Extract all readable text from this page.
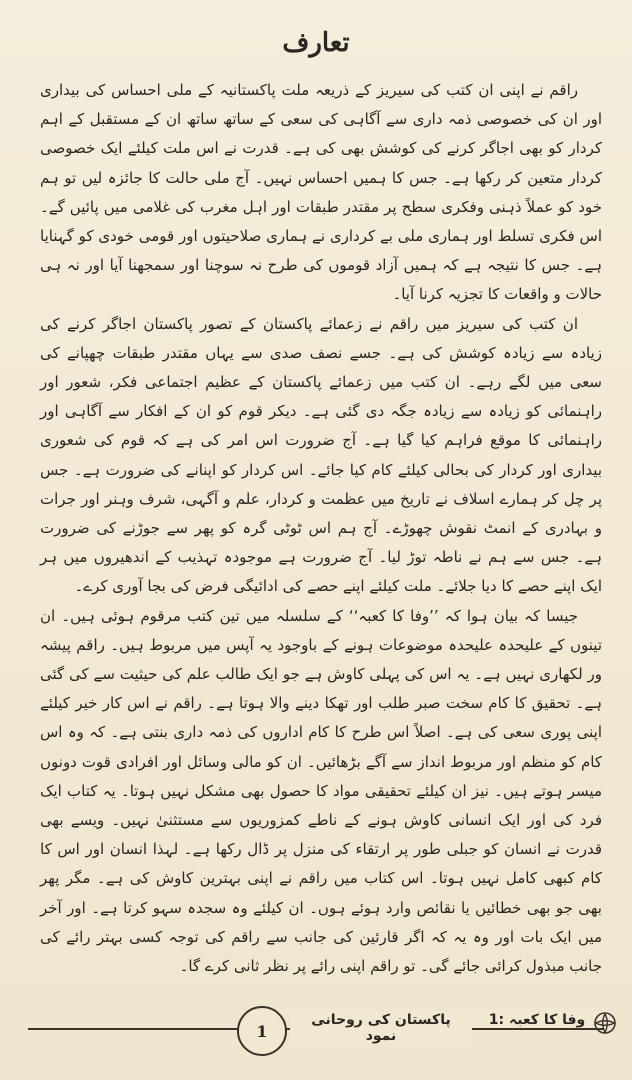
تعارف

راقم نے اپنی ان کتب کی سیریز کے ذریعہ ملت پاکستانیہ کے ملی احساس کی بیداری اور ان کی خصوصی ذمہ داری سے آگاہی کی سعی کے ساتھ ساتھ ان کے مستقبل کے اہم کردار کو بھی اجاگر کرنے کی کوشش بھی کی ہے۔ قدرت نے اس ملت کیلئے ایک خصوصی کردار متعین کر رکھا ہے۔ جس کا ہمیں احساس نہیں۔ آج ملی حالت کا جائزہ لیں تو ہم خود کو عملاً ذہنی وفکری سطح پر مقتدر طبقات اور اہل مغرب کی غلامی میں پائیں گے۔ اس فکری تسلط اور ہماری ملی بے کرداری نے ہماری صلاحیتوں اور قومی خودی کو گہنایا ہے۔ جس کا نتیجہ ہے کہ ہمیں آزاد قوموں کی طرح نہ سوچنا اور سمجھنا آیا اور نہ ہی حالات و واقعات کا تجزیہ کرنا آیا۔

ان کتب کی سیریز میں راقم نے زعمائے پاکستان کے تصور پاکستان اجاگر کرنے کی زیادہ سے زیادہ کوشش کی ہے۔ جسے نصف صدی سے یہاں مقتدر طبقات چھپانے کی سعی میں لگے رہے۔ ان کتب میں زعمائے پاکستان کے عظیم اجتماعی فکر، شعور اور راہنمائی کو زیادہ سے زیادہ جگہ دی گئی ہے۔ دیکر قوم کو ان کے افکار سے آگاہی اور راہنمائی کا موقع فراہم کیا گیا ہے۔ آج ضرورت اس امر کی ہے کہ قوم کی شعوری بیداری اور کردار کی بحالی کیلئے کام کیا جائے۔ اس کردار کو اپنانے کی ضرورت ہے۔ جس پر چل کر ہمارے اسلاف نے تاریخ میں عظمت و کردار، علم و آگہی، شرف وہنر اور جرات و بہادری کے انمٹ نقوش چھوڑے۔ آج ہم اس ٹوٹی گرہ کو پھر سے جوڑنے کی ضرورت ہے۔ جس سے ہم نے ناطہ توڑ لیا۔ آج ضرورت ہے موجودہ تہذیب کے اندھیروں میں ہر ایک اپنے حصے کا دیا جلائے۔ ملت کیلئے اپنے حصے کی ادائیگی فرض کی بجا آوری کرے۔

جیسا کہ بیان ہوا کہ ’’وفا کا کعبہ‘‘ کے سلسلہ میں تین کتب مرقوم ہوئی ہیں۔ ان تینوں کے علیحدہ علیحدہ موضوعات ہونے کے باوجود یہ آپس میں مربوط ہیں۔ راقم پیشہ ور لکھاری نہیں ہے۔ یہ اس کی پہلی کاوش ہے جو ایک طالب علم کی حیثیت سے کی گئی ہے۔ تحقیق کا کام سخت صبر طلب اور تھکا دینے والا ہوتا ہے۔ راقم نے اس کار خیر کیلئے اپنی پوری سعی کی ہے۔ اصلاً اس طرح کا کام اداروں کی ذمہ داری بنتی ہے۔ کہ وہ اس کام کو منظم اور مربوط انداز سے آگے بڑھائیں۔ ان کو مالی وسائل اور افرادی قوت دونوں میسر ہوتے ہیں۔ نیز ان کیلئے تحقیقی مواد کا حصول بھی مشکل نہیں ہوتا۔ یہ کتاب ایک فرد کی اور ایک انسانی کاوش ہونے کے ناطے کمزوریوں سے مستثنیٰ نہیں۔ ویسے بھی قدرت نے انسان کو جبلی طور پر ارتقاء کی منزل پر ڈال رکھا ہے۔ لہذا انسان اور اس کا کام کبھی کامل نہیں ہوتا۔ اس کتاب میں راقم نے اپنی بہترین کاوش کی ہے۔ مگر پھر بھی جو بھی خطائیں یا نقائص وارد ہوئے ہوں۔ ان کیلئے وہ سجدہ سہو کرتا ہے۔ اور آخر میں ایک بات اور وہ یہ کہ اگر قارئین کی جانب سے راقم کی توجہ کسی بہتر رائے کی جانب مبذول کرائی جائے گی۔ تو راقم اپنی رائے پر نظر ثانی کرے گا۔

1
پاکستان کی روحانی نمود
وفا کا کعبہ :1
